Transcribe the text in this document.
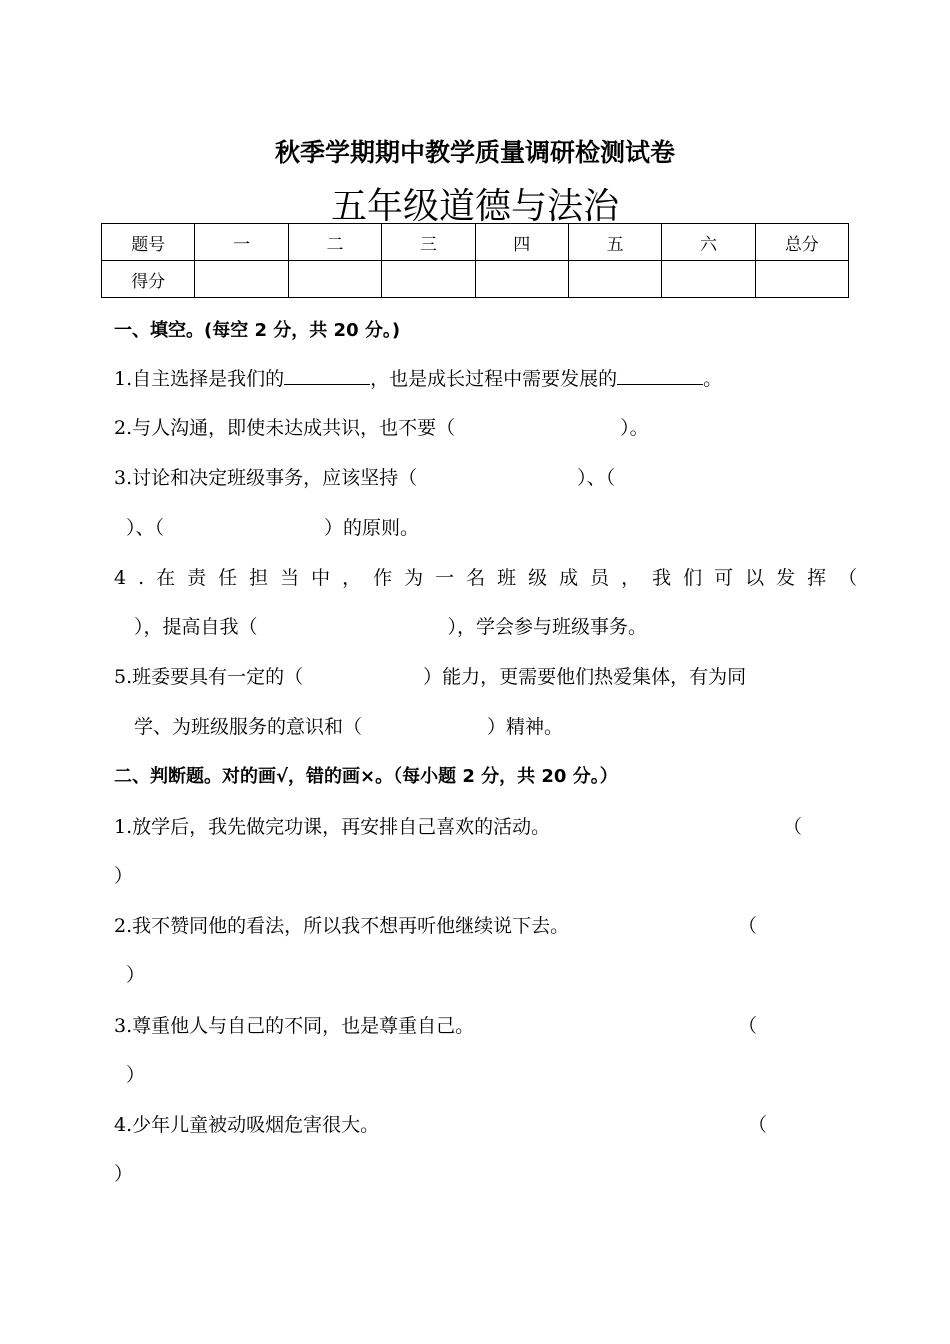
秋季学期期中教学质量调研检测试卷
五年级道德与法治
题号	一	二	三	四	五	六	总分
得分							
一、填空。(每空 2 分，共 20 分。)
1.自主选择是我们的	，也是成长过程中需要发展的	。
2.与人沟通，即使未达成共识，也不要（	）。
3.讨论和决定班级事务，应该坚持（	）、（
）、（	）的原则。
4.在责任担当中，作为一名班级成员，我们可以发挥（
），提高自我（	），学会参与班级事务。
5.班委要具有一定的（	）能力，更需要他们热爱集体，有为同
学、为班级服务的意识和（	）精神。
二、判断题。对的画√，错的画×。（每小题 2 分，共 20 分。）
1.放学后，我先做完功课，再安排自己喜欢的活动。	（
）
2.我不赞同他的看法，所以我不想再听他继续说下去。	（
）
3.尊重他人与自己的不同，也是尊重自己。	（
）
4.少年儿童被动吸烟危害很大。	（
）
